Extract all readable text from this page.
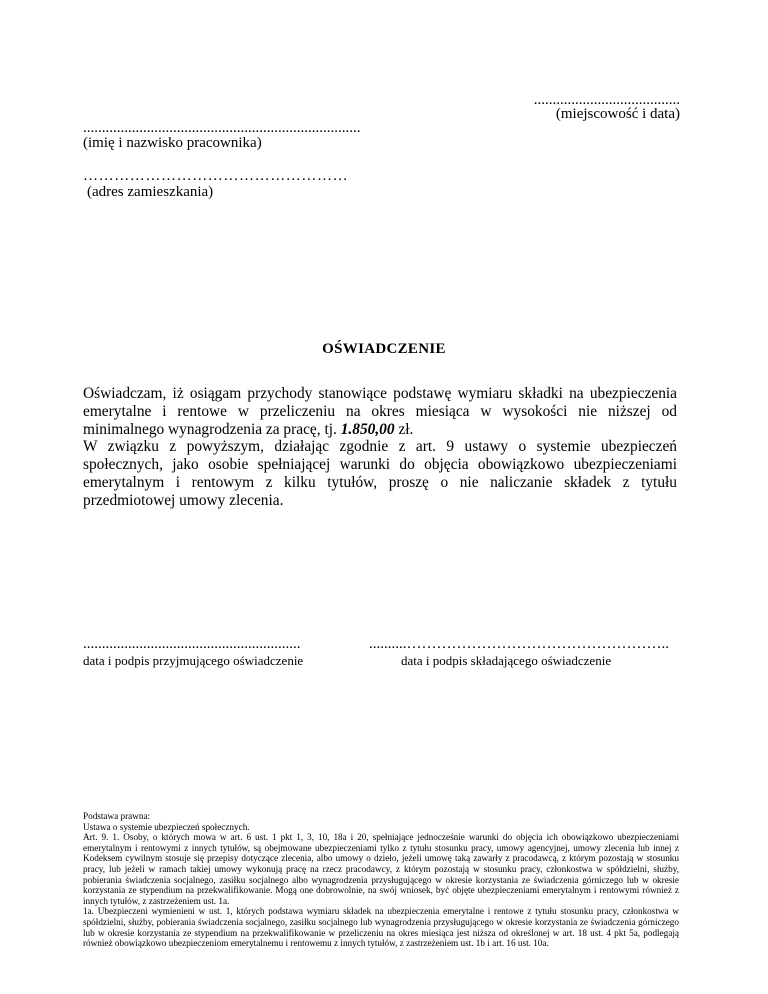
.......................................
(miejscowość i data)
..........................................................................
(imię i nazwisko pracownika)
……………………………………………
(adres zamieszkania)
OŚWIADCZENIE

Oświadczam, iż osiągam przychody stanowiące podstawę wymiaru składki na ubezpieczenia emerytalne i rentowe w przeliczeniu na okres miesiąca w wysokości nie niższej od minimalnego wynagrodzenia za pracę, tj. 1.850,00 zł.

W związku z powyższym, działając zgodnie z art. 9 ustawy o systemie ubezpieczeń społecznych, jako osobie spełniającej warunki do objęcia obowiązkowo ubezpieczeniami emerytalnym i rentowym z kilku tytułów, proszę o nie naliczanie składek z tytułu przedmiotowej umowy zlecenia.

..........................................................
data i podpis przyjmującego oświadczenie
..........……………………………………………..
data i podpis składającego oświadczenie

Podstawa prawna:

Ustawa o systemie ubezpieczeń społecznych.

Art. 9. 1. Osoby, o których mowa w art. 6 ust. 1 pkt 1, 3, 10, 18a i 20, spełniające jednocześnie warunki do objęcia ich obowiązkowo ubezpieczeniami emerytalnym i rentowymi z innych tytułów, są obejmowane ubezpieczeniami tylko z tytułu stosunku pracy, umowy agencyjnej, umowy zlecenia lub innej z Kodeksem cywilnym stosuje się przepisy dotyczące zlecenia, albo umowy o dzieło, jeżeli umowę taką zawarły z pracodawcą, z którym pozostają w stosunku pracy, lub jeżeli w ramach takiej umowy wykonują pracę na rzecz pracodawcy, z którym pozostają w stosunku pracy, członkostwa w spółdzielni, służby, pobierania świadczenia socjalnego, zasiłku socjalnego albo wynagrodzenia przysługującego w okresie korzystania ze świadczenia górniczego lub w okresie korzystania ze stypendium na przekwalifikowanie. Mogą one dobrowolnie, na swój wniosek, być objęte ubezpieczeniami emerytalnym i rentowymi również z innych tytułów, z zastrzeżeniem ust. 1a.

1a. Ubezpieczeni wymienieni w ust. 1, których podstawa wymiaru składek na ubezpieczenia emerytalne i rentowe z tytułu stosunku pracy, członkostwa w spółdzielni, służby, pobierania świadczenia socjalnego, zasiłku socjalnego lub wynagrodzenia przysługującego w okresie korzystania ze świadczenia górniczego lub w okresie korzystania ze stypendium na przekwalifikowanie w przeliczeniu na okres miesiąca jest niższa od określonej w art. 18 ust. 4 pkt 5a, podlegają również obowiązkowo ubezpieczeniom emerytalnemu i rentowemu z innych tytułów, z zastrzeżeniem ust. 1b i art. 16 ust. 10a.
